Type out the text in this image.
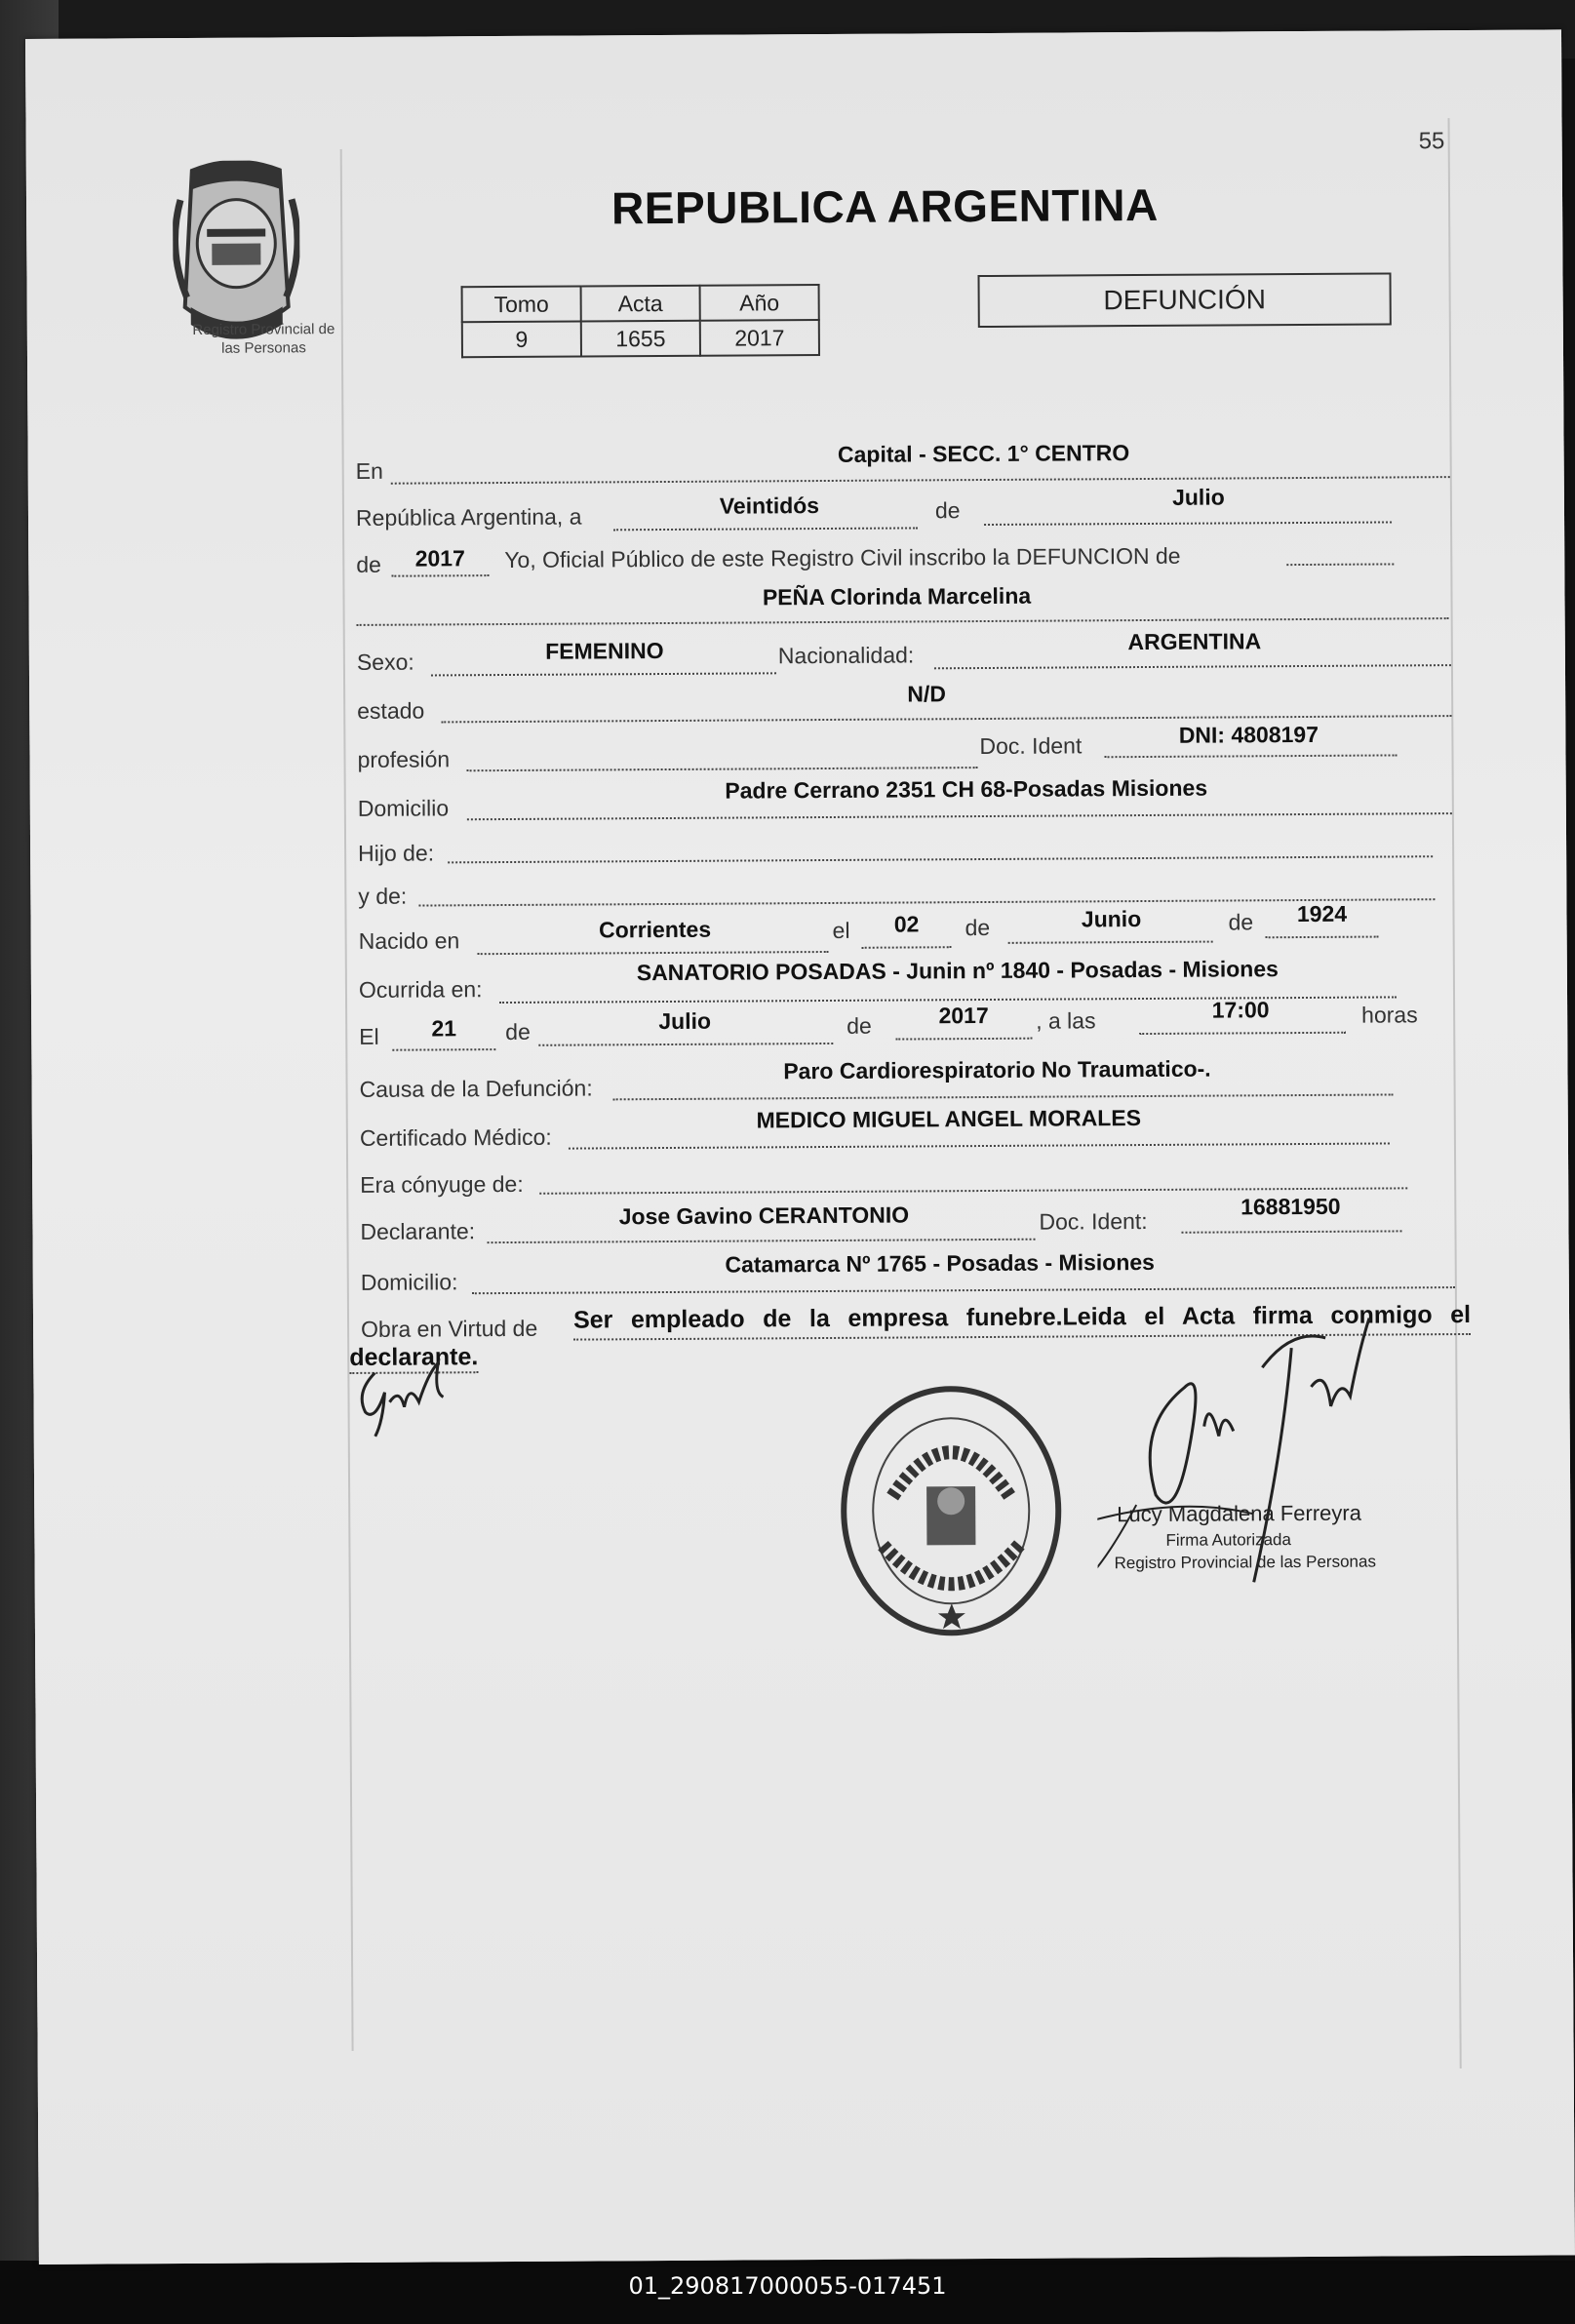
55
Registro Provincial de
las Personas
REPUBLICA ARGENTINA
Tomo	Acta	Año
9	1655	2017
DEFUNCIÓN
En
Capital - SECC. 1° CENTRO
República Argentina, a	Veintidós	de
Julio
de	2017	Yo, Oficial Público de este Registro Civil inscribo la DEFUNCION de
PEÑA Clorinda Marcelina
Sexo:	FEMENINO	Nacionalidad:
ARGENTINA
estado
N/D
profesión
Doc. Ident	DNI: 4808197
Domicilio
Padre Cerrano 2351 CH 68-Posadas Misiones
Hijo de:
y de:
Nacido en	Corrientes	el	02	de	Junio	de	1924
Ocurrida en:
SANATORIO POSADAS - Junin nº 1840 - Posadas - Misiones
El	21	de	Julio	de	2017	, a las	17:00	horas
Causa de la Defunción:
Paro Cardiorespiratorio No Traumatico-.
Certificado Médico:
MEDICO MIGUEL ANGEL MORALES
Era cónyuge de:
Declarante:
Jose Gavino CERANTONIO	Doc. Ident:
16881950
Domicilio:
Catamarca Nº 1765 - Posadas - Misiones
Obra en Virtud de Ser empleado de la empresa funebre.Leida el Acta firma conmigo el
declarante.
Lucy Magdalena Ferreyra
Firma Autorizada
Registro Provincial de las Personas
01_290817000055-017451
